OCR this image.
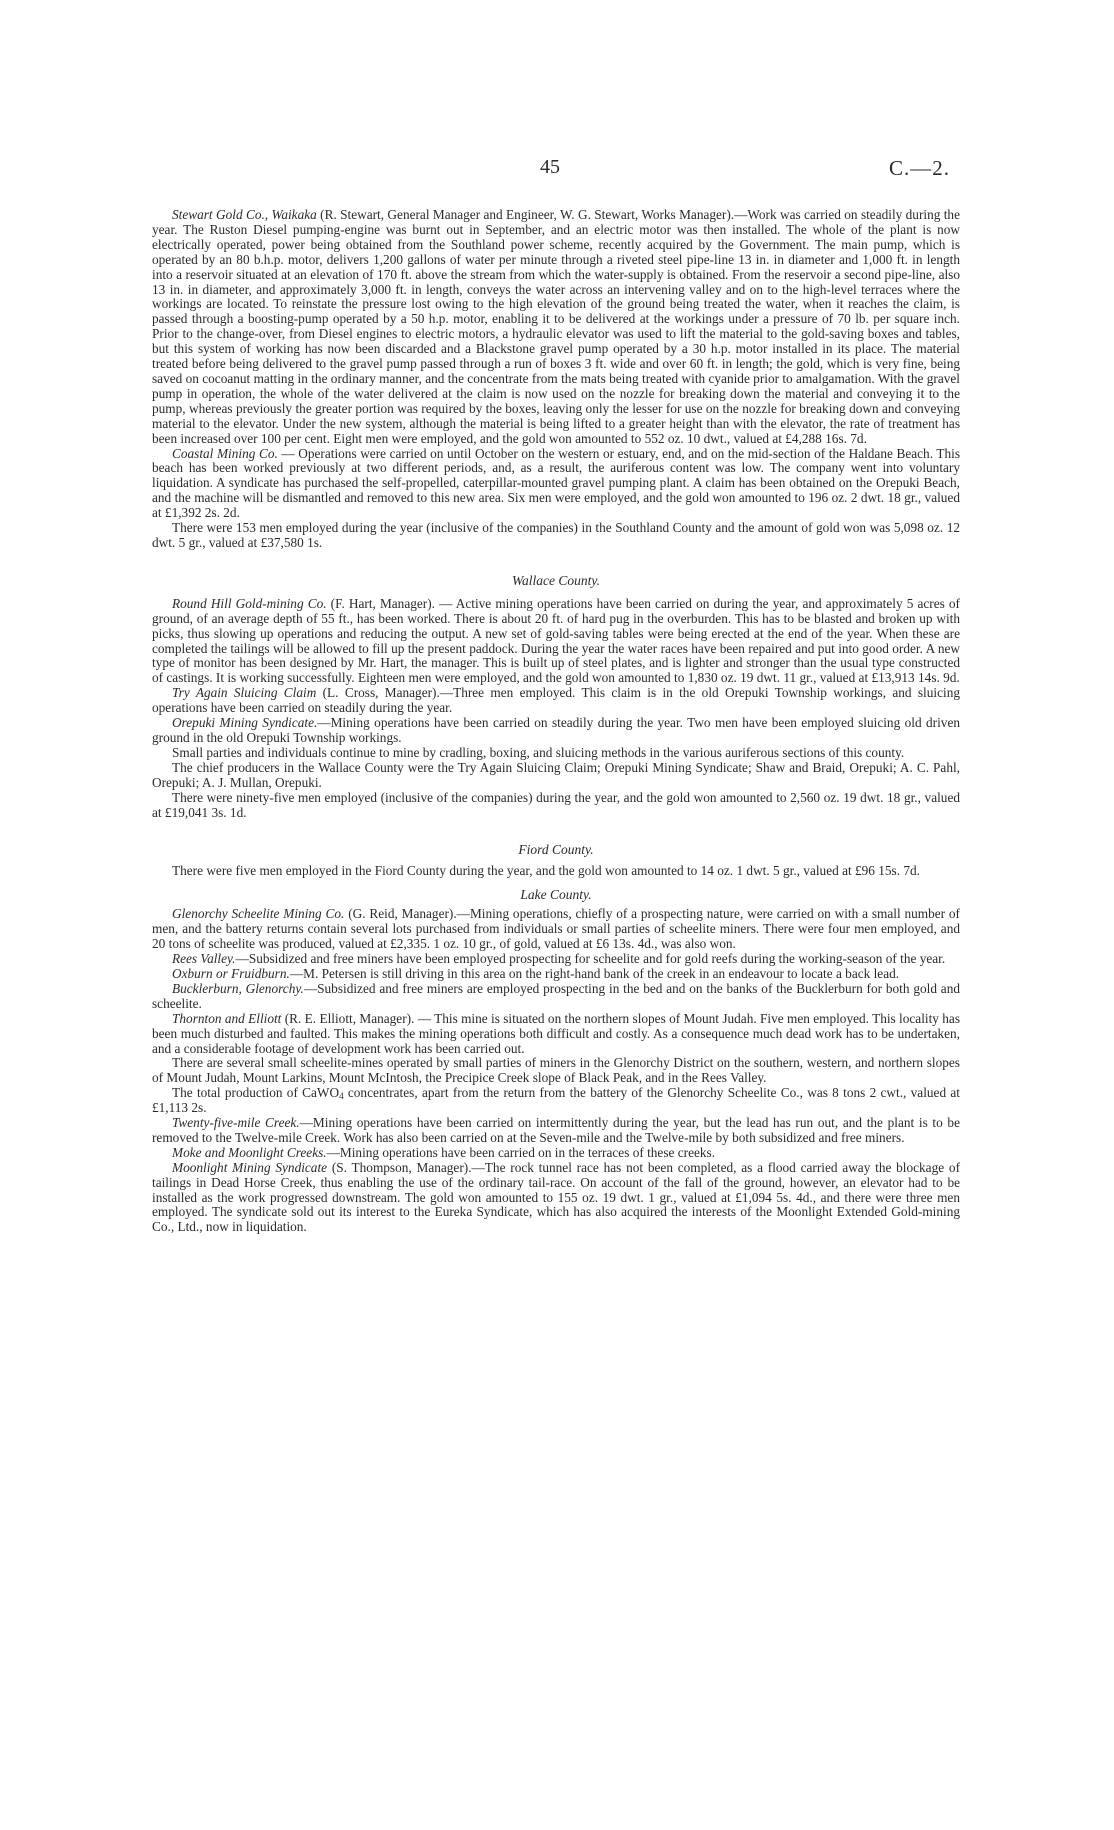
45	C.—2.

Stewart Gold Co., Waikaka (R. Stewart, General Manager and Engineer, W. G. Stewart, Works Manager).—Work was carried on steadily during the year. The Ruston Diesel pumping-engine was burnt out in September, and an electric motor was then installed. The whole of the plant is now electrically operated, power being obtained from the Southland power scheme, recently acquired by the Government. The main pump, which is operated by an 80 b.h.p. motor, delivers 1,200 gallons of water per minute through a riveted steel pipe-line 13 in. in diameter and 1,000 ft. in length into a reservoir situated at an elevation of 170 ft. above the stream from which the water-supply is obtained. From the reservoir a second pipe-line, also 13 in. in diameter, and approximately 3,000 ft. in length, conveys the water across an intervening valley and on to the high-level terraces where the workings are located. To reinstate the pressure lost owing to the high elevation of the ground being treated the water, when it reaches the claim, is passed through a boosting-pump operated by a 50 h.p. motor, enabling it to be delivered at the workings under a pressure of 70 lb. per square inch. Prior to the change-over, from Diesel engines to electric motors, a hydraulic elevator was used to lift the material to the gold-saving boxes and tables, but this system of working has now been discarded and a Blackstone gravel pump operated by a 30 h.p. motor installed in its place. The material treated before being delivered to the gravel pump passed through a run of boxes 3 ft. wide and over 60 ft. in length; the gold, which is very fine, being saved on cocoanut matting in the ordinary manner, and the concentrate from the mats being treated with cyanide prior to amalgamation. With the gravel pump in operation, the whole of the water delivered at the claim is now used on the nozzle for breaking down the material and conveying it to the pump, whereas previously the greater portion was required by the boxes, leaving only the lesser for use on the nozzle for breaking down and conveying material to the elevator. Under the new system, although the material is being lifted to a greater height than with the elevator, the rate of treatment has been increased over 100 per cent. Eight men were employed, and the gold won amounted to 552 oz. 10 dwt., valued at £4,288 16s. 7d.

Coastal Mining Co. — Operations were carried on until October on the western or estuary, end, and on the mid-section of the Haldane Beach. This beach has been worked previously at two different periods, and, as a result, the auriferous content was low. The company went into voluntary liquidation. A syndicate has purchased the self-propelled, caterpillar-mounted gravel pumping plant. A claim has been obtained on the Orepuki Beach, and the machine will be dismantled and removed to this new area. Six men were employed, and the gold won amounted to 196 oz. 2 dwt. 18 gr., valued at £1,392 2s. 2d.

There were 153 men employed during the year (inclusive of the companies) in the Southland County and the amount of gold won was 5,098 oz. 12 dwt. 5 gr., valued at £37,580 1s.

Wallace County.

Round Hill Gold-mining Co. (F. Hart, Manager). — Active mining operations have been carried on during the year, and approximately 5 acres of ground, of an average depth of 55 ft., has been worked. There is about 20 ft. of hard pug in the overburden. This has to be blasted and broken up with picks, thus slowing up operations and reducing the output. A new set of gold-saving tables were being erected at the end of the year. When these are completed the tailings will be allowed to fill up the present paddock. During the year the water races have been repaired and put into good order. A new type of monitor has been designed by Mr. Hart, the manager. This is built up of steel plates, and is lighter and stronger than the usual type constructed of castings. It is working successfully. Eighteen men were employed, and the gold won amounted to 1,830 oz. 19 dwt. 11 gr., valued at £13,913 14s. 9d.

Try Again Sluicing Claim (L. Cross, Manager).—Three men employed. This claim is in the old Orepuki Township workings, and sluicing operations have been carried on steadily during the year.

Orepuki Mining Syndicate.—Mining operations have been carried on steadily during the year. Two men have been employed sluicing old driven ground in the old Orepuki Township workings.

Small parties and individuals continue to mine by cradling, boxing, and sluicing methods in the various auriferous sections of this county.

The chief producers in the Wallace County were the Try Again Sluicing Claim; Orepuki Mining Syndicate; Shaw and Braid, Orepuki; A. C. Pahl, Orepuki; A. J. Mullan, Orepuki.

There were ninety-five men employed (inclusive of the companies) during the year, and the gold won amounted to 2,560 oz. 19 dwt. 18 gr., valued at £19,041 3s. 1d.

Fiord County.

There were five men employed in the Fiord County during the year, and the gold won amounted to 14 oz. 1 dwt. 5 gr., valued at £96 15s. 7d.

Lake County.

Glenorchy Scheelite Mining Co. (G. Reid, Manager).—Mining operations, chiefly of a prospecting nature, were carried on with a small number of men, and the battery returns contain several lots purchased from individuals or small parties of scheelite miners. There were four men employed, and 20 tons of scheelite was produced, valued at £2,335. 1 oz. 10 gr., of gold, valued at £6 13s. 4d., was also won.

Rees Valley.—Subsidized and free miners have been employed prospecting for scheelite and for gold reefs during the working-season of the year.

Oxburn or Fruidburn.—M. Petersen is still driving in this area on the right-hand bank of the creek in an endeavour to locate a back lead.

Bucklerburn, Glenorchy.—Subsidized and free miners are employed prospecting in the bed and on the banks of the Bucklerburn for both gold and scheelite.

Thornton and Elliott (R. E. Elliott, Manager). — This mine is situated on the northern slopes of Mount Judah. Five men employed. This locality has been much disturbed and faulted. This makes the mining operations both difficult and costly. As a consequence much dead work has to be undertaken, and a considerable footage of development work has been carried out.

There are several small scheelite-mines operated by small parties of miners in the Glenorchy District on the southern, western, and northern slopes of Mount Judah, Mount Larkins, Mount McIntosh, the Precipice Creek slope of Black Peak, and in the Rees Valley.

The total production of CaWO$_4$ concentrates, apart from the return from the battery of the Glenorchy Scheelite Co., was 8 tons 2 cwt., valued at £1,113 2s.

Twenty-five-mile Creek.—Mining operations have been carried on intermittently during the year, but the lead has run out, and the plant is to be removed to the Twelve-mile Creek. Work has also been carried on at the Seven-mile and the Twelve-mile by both subsidized and free miners.

Moke and Moonlight Creeks.—Mining operations have been carried on in the terraces of these creeks.

Moonlight Mining Syndicate (S. Thompson, Manager).—The rock tunnel race has not been completed, as a flood carried away the blockage of tailings in Dead Horse Creek, thus enabling the use of the ordinary tail-race. On account of the fall of the ground, however, an elevator had to be installed as the work progressed downstream. The gold won amounted to 155 oz. 19 dwt. 1 gr., valued at £1,094 5s. 4d., and there were three men employed. The syndicate sold out its interest to the Eureka Syndicate, which has also acquired the interests of the Moonlight Extended Gold-mining Co., Ltd., now in liquidation.
